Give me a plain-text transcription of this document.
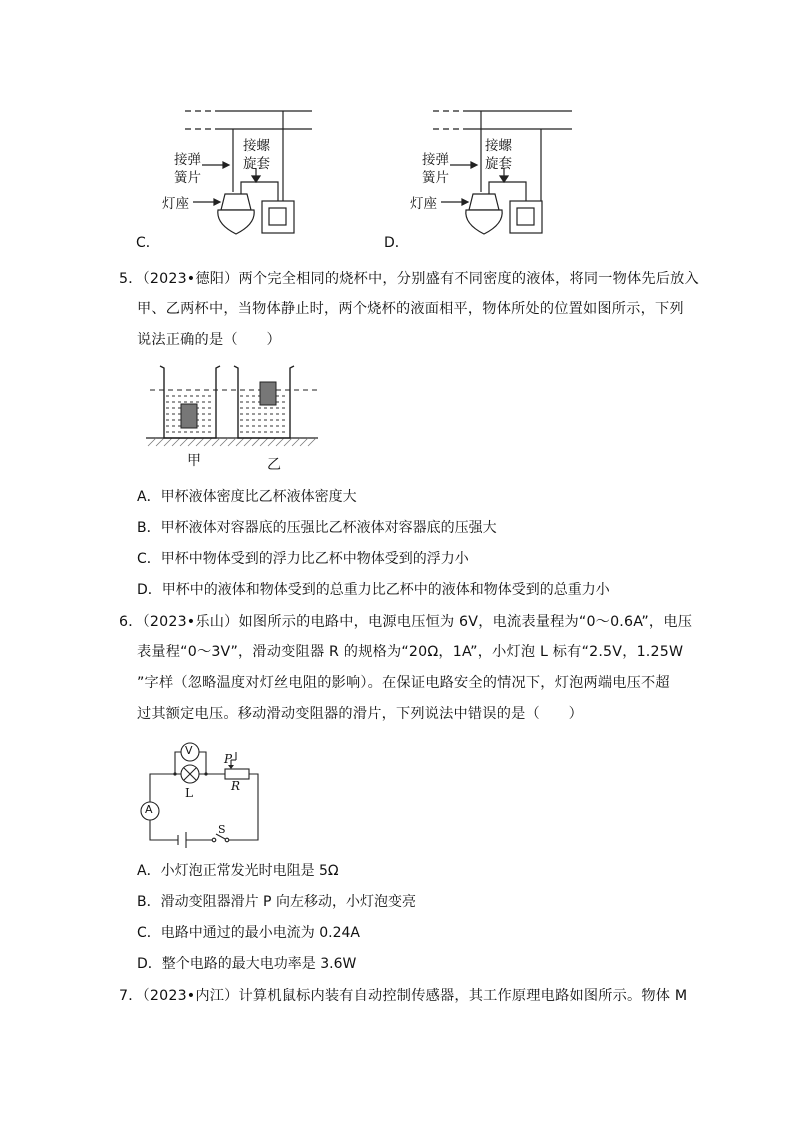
接弹
簧片
接螺
旋套
灯座
C．
接弹
簧片
接螺
旋套
灯座
D．
5．（2023•德阳）两个完全相同的烧杯中，分别盛有不同密度的液体，将同一物体先后放入
甲、乙两杯中，当物体静止时，两个烧杯的液面相平，物体所处的位置如图所示，下列
说法正确的是（　　）
甲	乙
A．甲杯液体密度比乙杯液体密度大
B．甲杯液体对容器底的压强比乙杯液体对容器底的压强大
C．甲杯中物体受到的浮力比乙杯中物体受到的浮力小
D．甲杯中的液体和物体受到的总重力比乙杯中的液体和物体受到的总重力小
6．（2023•乐山）如图所示的电路中，电源电压恒为 6V，电流表量程为“0～0.6A”，电压
表量程“0～3V”，滑动变阻器 R 的规格为“20Ω，1A”，小灯泡 L 标有“2.5V，1.25W
”字样（忽略温度对灯丝电阻的影响）。在保证电路安全的情况下，灯泡两端电压不超
过其额定电压。移动滑动变阻器的滑片，下列说法中错误的是（　　）
V
A
L
P
R
S
A．小灯泡正常发光时电阻是 5Ω
B．滑动变阻器滑片 P 向左移动，小灯泡变亮
C．电路中通过的最小电流为 0.24A
D．整个电路的最大电功率是 3.6W
7．（2023•内江）计算机鼠标内装有自动控制传感器，其工作原理电路如图所示。物体 M
